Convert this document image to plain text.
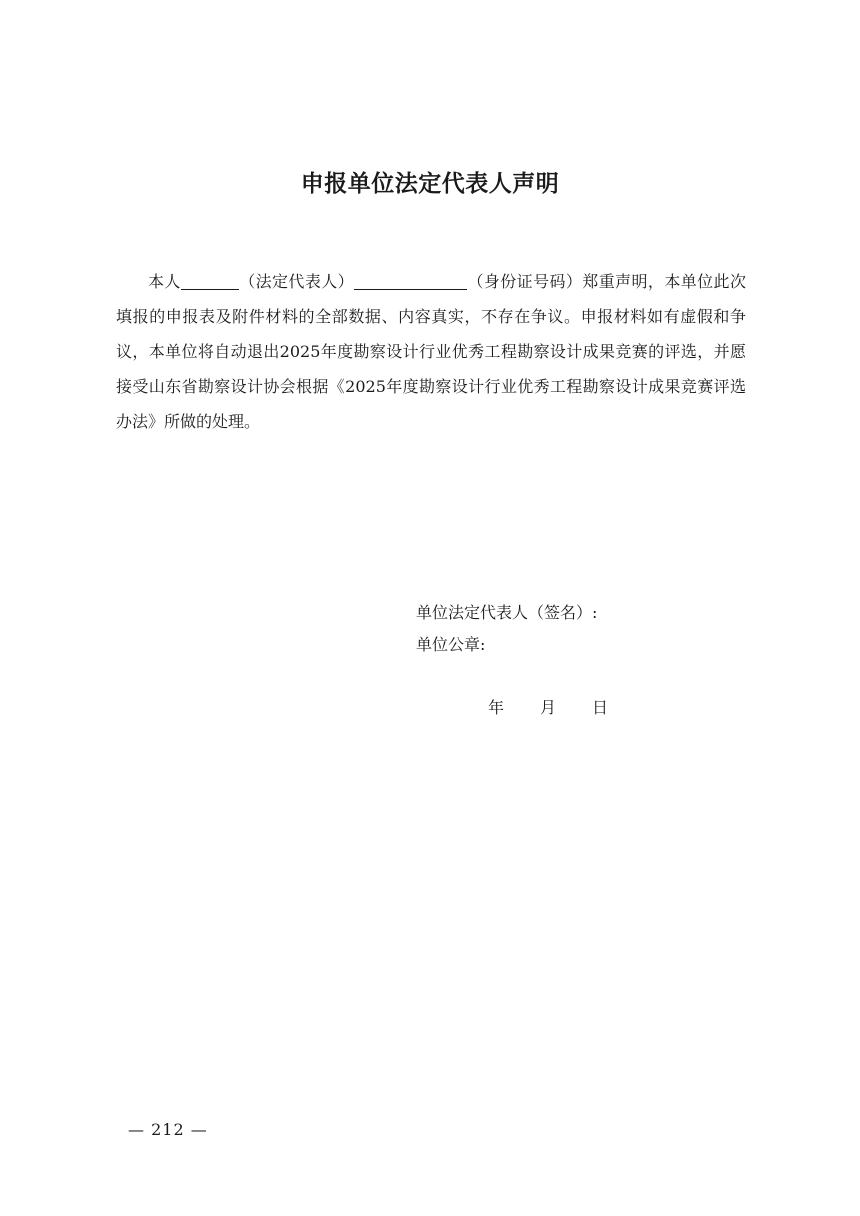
申报单位法定代表人声明

本人	（法定代表人）	（身份证号码）郑重声明，本单位此次填报的申报表及附件材料的全部数据、内容真实，不存在争议。申报材料如有虚假和争议，本单位将自动退出2025年度勘察设计行业优秀工程勘察设计成果竞赛的评选，并愿接受山东省勘察设计协会根据《2025年度勘察设计行业优秀工程勘察设计成果竞赛评选办法》所做的处理。

单位法定代表人（签名）:
单位公章:
年 月 日
— 212 —
